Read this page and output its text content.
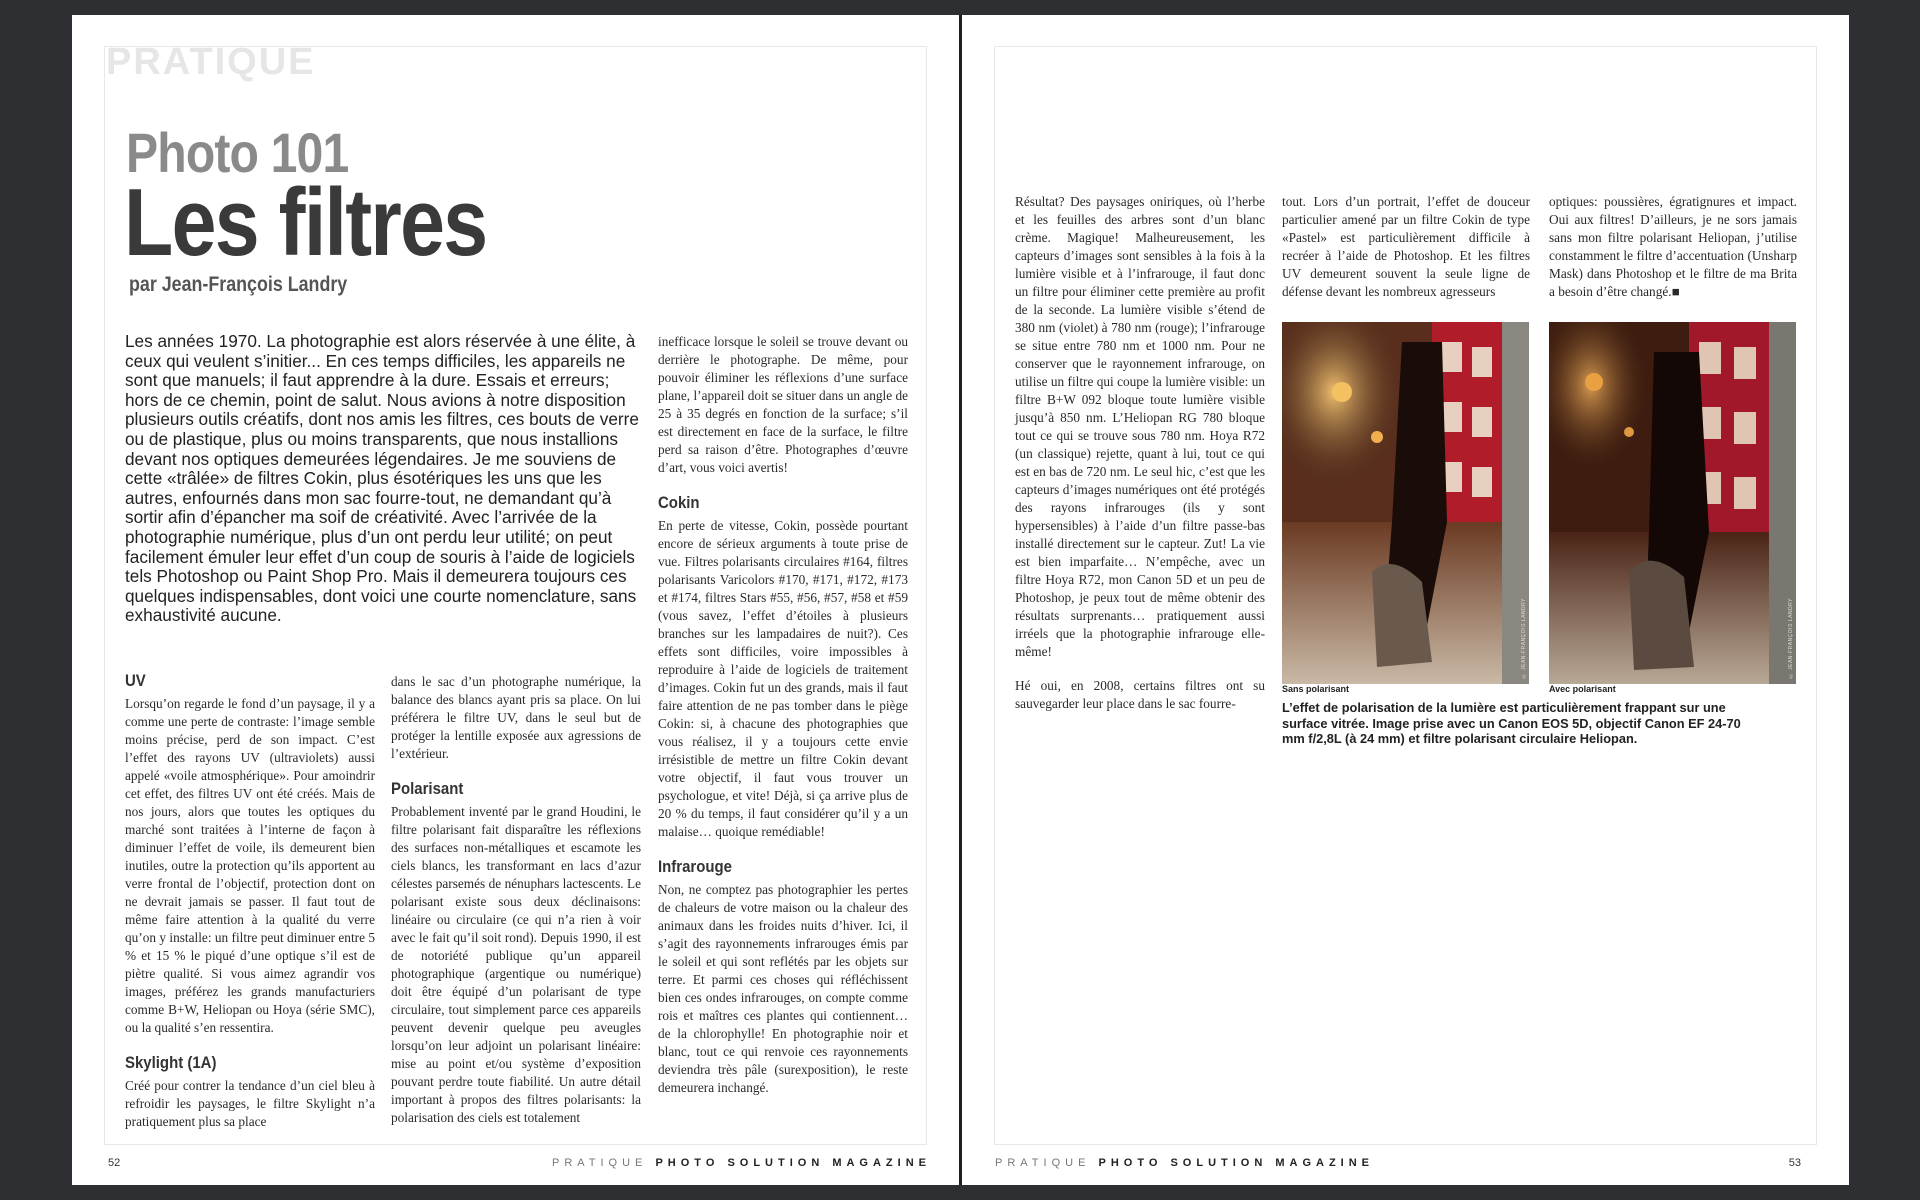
PRATIQUE
Photo 101
Les filtres
par Jean-François Landry

Les années 1970. La photographie est alors réservée à une élite, à ceux qui veulent s’initier... En ces temps difficiles, les appareils ne sont que manuels; il faut apprendre à la dure. Essais et erreurs; hors de ce chemin, point de salut. Nous avions à notre disposition plusieurs outils créatifs, dont nos amis les filtres, ces bouts de verre ou de plastique, plus ou moins transparents, que nous installions devant nos optiques demeurées légendaires. Je me souviens de cette «trâlée» de filtres Cokin, plus ésotériques les uns que les autres, enfournés dans mon sac fourre-tout, ne demandant qu’à sortir afin d’épancher ma soif de créativité. Avec l’arrivée de la photographie numérique, plus d’un ont perdu leur utilité; on peut facilement émuler leur effet d’un coup de souris à l’aide de logiciels tels Photoshop ou Paint Shop Pro. Mais il demeurera toujours ces quelques indispensables, dont voici une courte nomenclature, sans exhaustivité aucune.

UV

Lorsqu’on regarde le fond d’un paysage, il y a comme une perte de contraste: l’image semble moins précise, perd de son impact. C’est l’effet des rayons UV (ultraviolets) aussi appelé «voile atmosphérique». Pour amoindrir cet effet, des filtres UV ont été créés. Mais de nos jours, alors que toutes les optiques du marché sont traitées à l’interne de façon à diminuer l’effet de voile, ils demeurent bien inutiles, outre la protection qu’ils apportent au verre frontal de l’objectif, protection dont on ne devrait jamais se passer. Il faut tout de même faire attention à la qualité du verre qu’on y installe: un filtre peut diminuer entre 5 % et 15 % le piqué d’une optique s’il est de piètre qualité. Si vous aimez agrandir vos images, préférez les grands manufacturiers comme B+W, Heliopan ou Hoya (série SMC), ou la qualité s’en ressentira.

Skylight (1A)

Créé pour contrer la tendance d’un ciel bleu à refroidir les paysages, le filtre Skylight n’a pratiquement plus sa place

dans le sac d’un photographe numérique, la balance des blancs ayant pris sa place. On lui préférera le filtre UV, dans le seul but de protéger la lentille exposée aux agressions de l’extérieur.

Polarisant

Probablement inventé par le grand Houdini, le filtre polarisant fait disparaître les réflexions des surfaces non-métalliques et escamote les ciels blancs, les transformant en lacs d’azur célestes parsemés de nénuphars lactescents. Le polarisant existe sous deux déclinaisons: linéaire ou circulaire (ce qui n’a rien à voir avec le fait qu’il soit rond). Depuis 1990, il est de notoriété publique qu’un appareil photographique (argentique ou numérique) doit être équipé d’un polarisant de type circulaire, tout simplement parce ces appareils peuvent devenir quelque peu aveugles lorsqu’on leur adjoint un polarisant linéaire: mise au point et/ou système d’exposition pouvant perdre toute fiabilité. Un autre détail important à propos des filtres polarisants: la polarisation des ciels est totalement

inefficace lorsque le soleil se trouve devant ou derrière le photographe. De même, pour pouvoir éliminer les réflexions d’une surface plane, l’appareil doit se situer dans un angle de 25 à 35 degrés en fonction de la surface; s’il est directement en face de la surface, le filtre perd sa raison d’être. Photographes d’œuvre d’art, vous voici avertis!

Cokin

En perte de vitesse, Cokin, possède pourtant encore de sérieux arguments à toute prise de vue. Filtres polarisants circulaires #164, filtres polarisants Varicolors #170, #171, #172, #173 et #174, filtres Stars #55, #56, #57, #58 et #59 (vous savez, l’effet d’étoiles à plusieurs branches sur les lampadaires de nuit?). Ces effets sont difficiles, voire impossibles à reproduire à l’aide de logiciels de traitement d’images. Cokin fut un des grands, mais il faut faire attention de ne pas tomber dans le piège Cokin: si, à chacune des photographies que vous réalisez, il y a toujours cette envie irrésistible de mettre un filtre Cokin devant votre objectif, il faut vous trouver un psychologue, et vite! Déjà, si ça arrive plus de 20 % du temps, il faut considérer qu’il y a un malaise… quoique remédiable!

Infrarouge

Non, ne comptez pas photographier les pertes de chaleurs de votre maison ou la chaleur des animaux dans les froides nuits d’hiver. Ici, il s’agit des rayonnements infrarouges émis par le soleil et qui sont reflétés par les objets sur terre. Et parmi ces choses qui réfléchissent bien ces ondes infrarouges, on compte comme rois et maîtres ces plantes qui contiennent… de la chlorophylle! En photographie noir et blanc, tout ce qui renvoie ces rayonnements deviendra très pâle (surexposition), le reste demeurera inchangé.

52	PRATIQUE PHOTO SOLUTION MAGAZINE

Résultat? Des paysages oniriques, où l’herbe et les feuilles des arbres sont d’un blanc crème. Magique! Malheureusement, les capteurs d’images sont sensibles à la fois à la lumière visible et à l’infrarouge, il faut donc un filtre pour éliminer cette première au profit de la seconde. La lumière visible s’étend de 380 nm (violet) à 780 nm (rouge); l’infrarouge se situe entre 780 nm et 1000 nm. Pour ne conserver que le rayonnement infrarouge, on utilise un filtre qui coupe la lumière visible: un filtre B+W 092 bloque toute lumière visible jusqu’à 850 nm. L’Heliopan RG 780 bloque tout ce qui se trouve sous 780 nm. Hoya R72 (un classique) rejette, quant à lui, tout ce qui est en bas de 720 nm. Le seul hic, c’est que les capteurs d’images numériques ont été protégés des rayons infrarouges (ils y sont hypersensibles) à l’aide d’un filtre passe-bas installé directement sur le capteur. Zut! La vie est bien imparfaite… N’empêche, avec un filtre Hoya R72, mon Canon 5D et un peu de Photoshop, je peux tout de même obtenir des résultats surprenants… pratiquement aussi irréels que la photographie infrarouge elle-même!

Hé oui, en 2008, certains filtres ont su sauvegarder leur place dans le sac fourre-

tout. Lors d’un portrait, l’effet de douceur particulier amené par un filtre Cokin de type «Pastel» est particulièrement difficile à recréer à l’aide de Photoshop. Et les filtres UV demeurent souvent la seule ligne de défense devant les nombreux agresseurs

optiques: poussières, égratignures et impact. Oui aux filtres! D’ailleurs, je ne sors jamais sans mon filtre polarisant Heliopan, j’utilise constamment le filtre d’accentuation (Unsharp Mask) dans Photoshop et le filtre de ma Brita a besoin d’être changé.■

© JEAN-FRANÇOIS LANDRY
Sans polarisant
© JEAN-FRANÇOIS LANDRY
Avec polarisant

L’effet de polarisation de la lumière est particulièrement frappant sur une surface vitrée. Image prise avec un Canon EOS 5D, objectif Canon EF 24-70 mm f/2,8L (à 24 mm) et filtre polarisant circulaire Heliopan.

PRATIQUE PHOTO SOLUTION MAGAZINE	53
